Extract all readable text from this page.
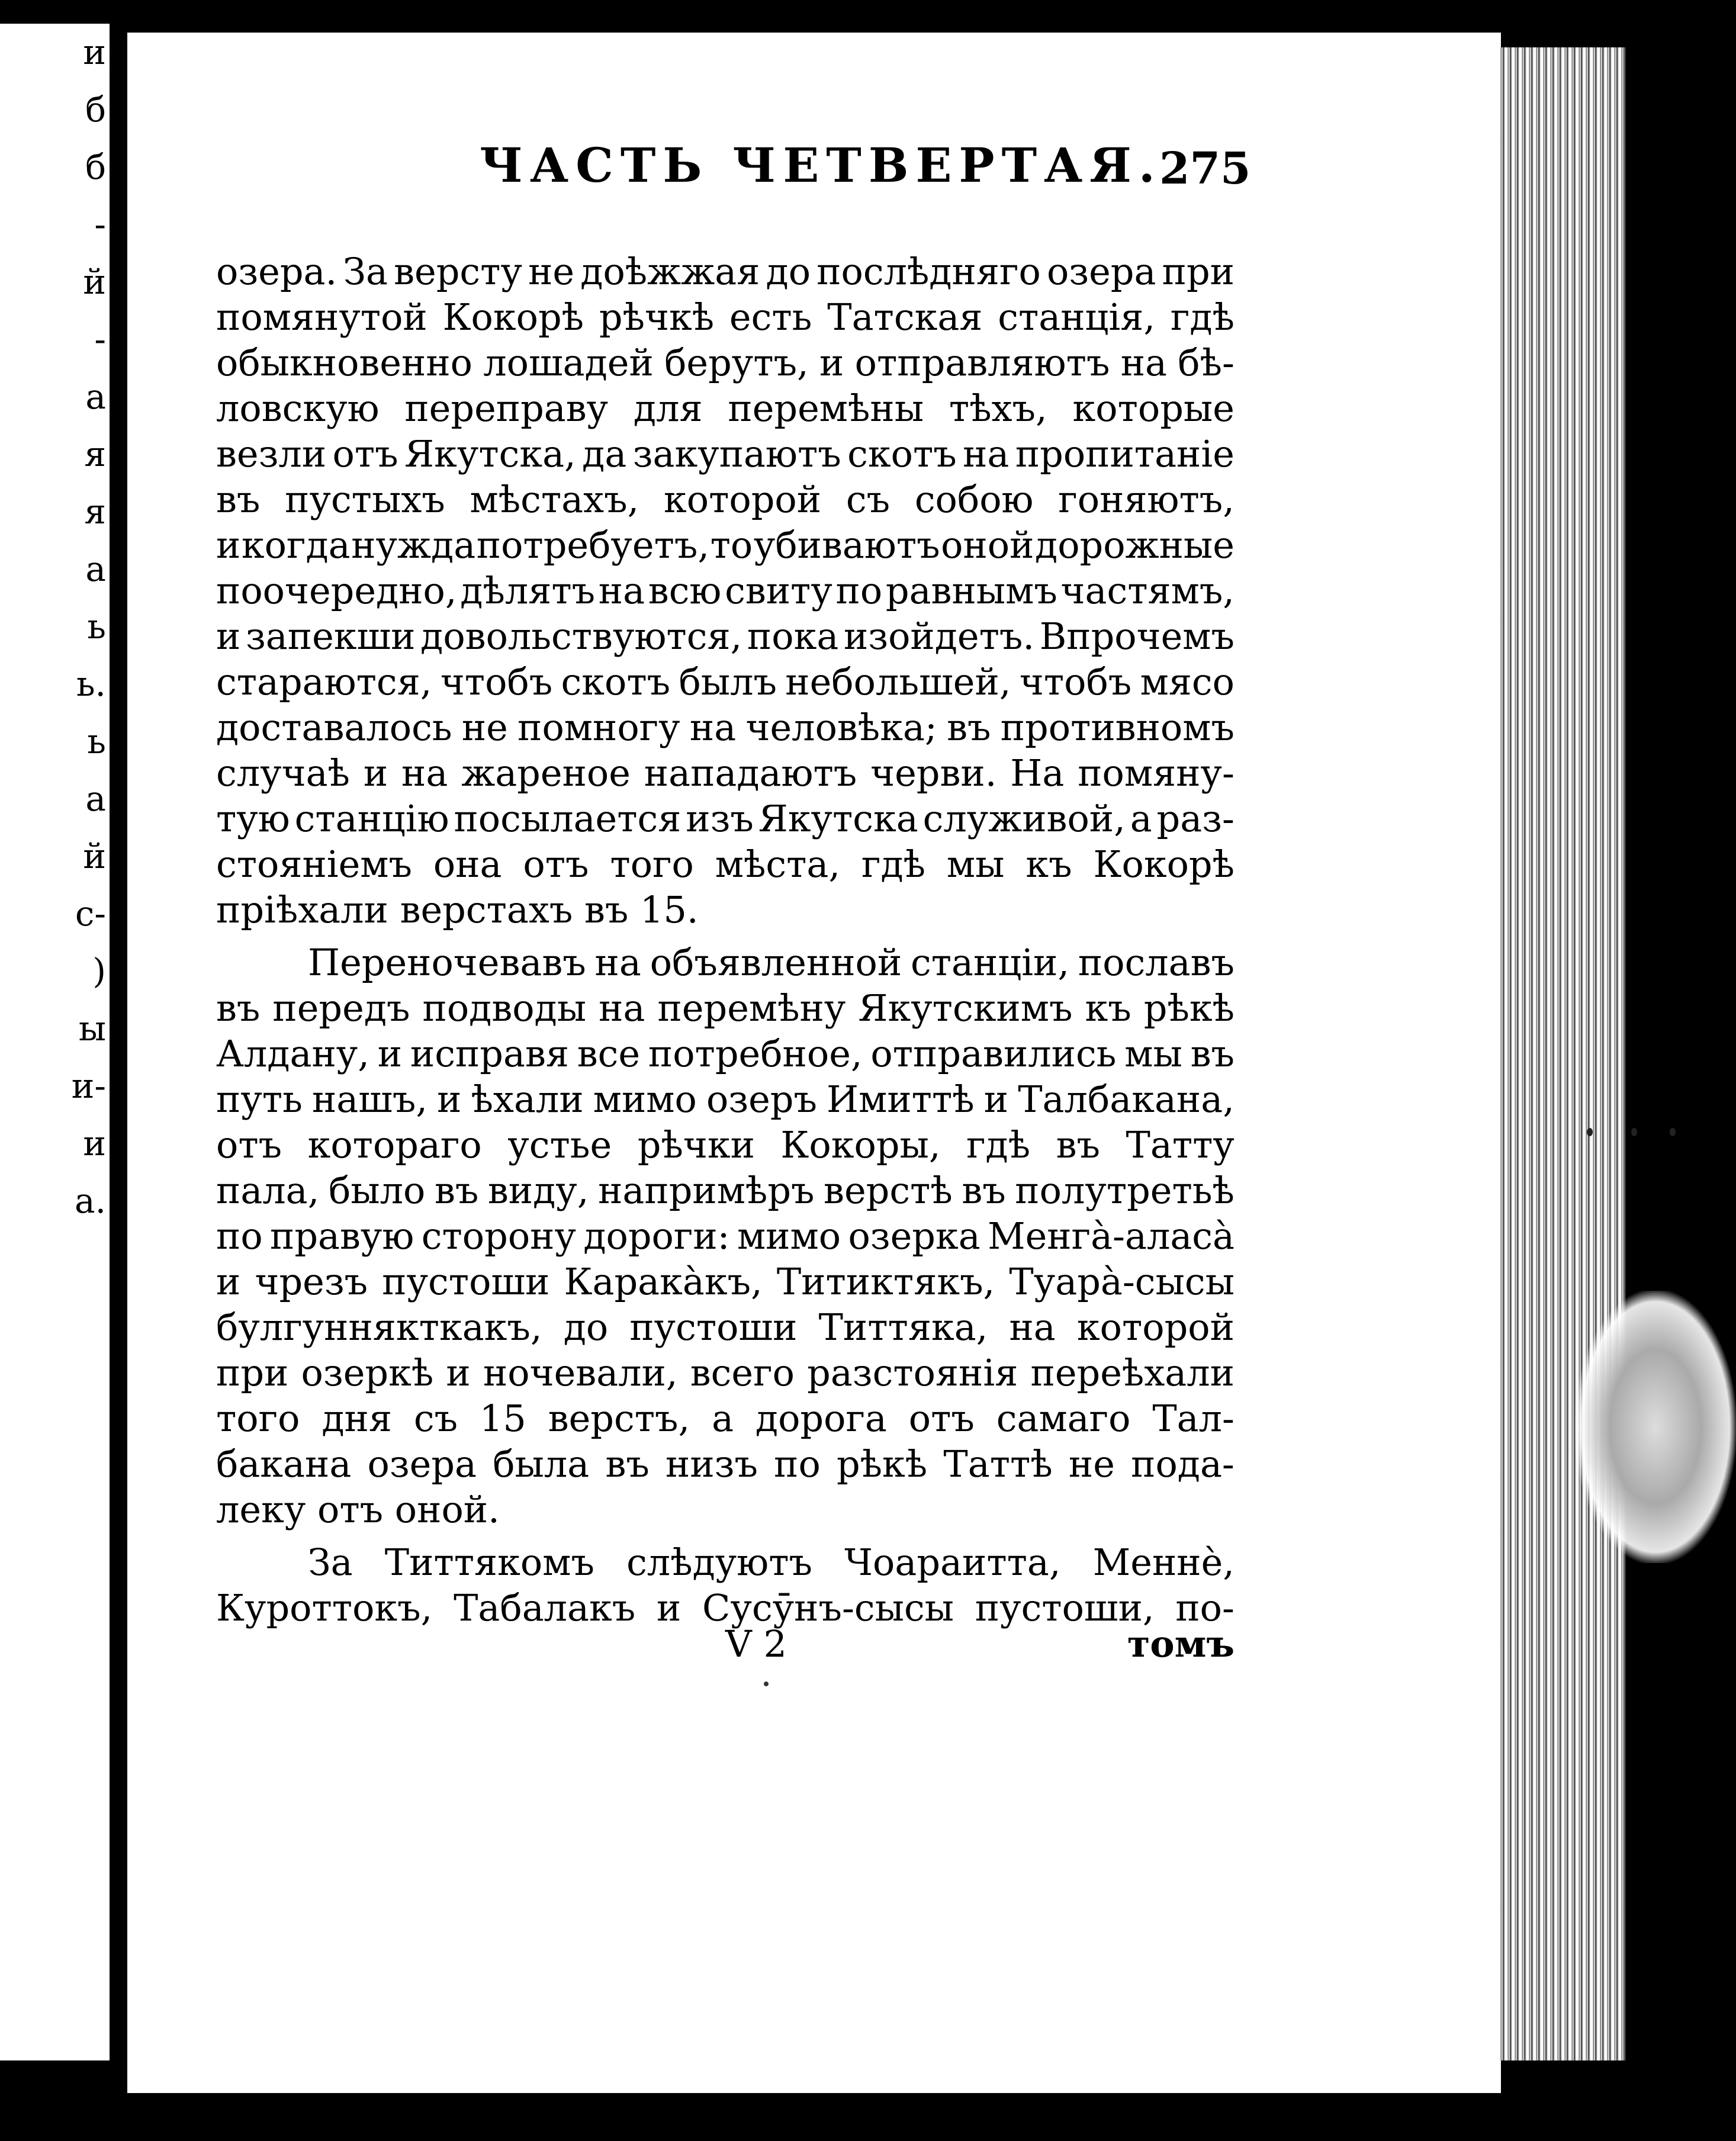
и
б
б
-
й
-
а
я
я
а
ь
ь.
ь
а
й
с-
)
ы
и-
и
а.
ЧАСТЬ ЧЕТВЕРТАЯ.
275
озера. За версту не доѣжжая до послѣдняго озера при
помянутой Кокорѣ рѣчкѣ есть Татская станція, гдѣ
обыкновенно лошадей берутъ, и отправляютъ на бѣ-
ловскую переправу для перемѣны тѣхъ, которые
везли отъ Якутска, да закупаютъ скотъ на пропитаніе
въ пустыхъ мѣстахъ, которой съ собою гоняютъ,
и когда нужда потребуетъ, то убиваютъ оной дорожные
поочередно, дѣлятъ на всю свиту по равнымъ частямъ,
и запекши довольствуются, пока изойдетъ. Впрочемъ
стараются, чтобъ скотъ былъ небольшей, чтобъ мясо
доставалось не помногу на человѣка; въ противномъ
случаѣ и на жареное нападаютъ черви. На помяну-
тую станцію посылается изъ Якутска служивой, а раз-
стояніемъ она отъ того мѣста, гдѣ мы къ Кокорѣ
пріѣхали верстахъ въ 15.
Переночевавъ на объявленной станціи, пославъ
въ передъ подводы на перемѣну Якутскимъ къ рѣкѣ
Алдану, и исправя все потребное, отправились мы въ
путь нашъ, и ѣхали мимо озеръ Имиттѣ и Талбакана,
отъ котораго устье рѣчки Кокоры, гдѣ въ Татту
пала, было въ виду, напримѣръ верстѣ въ полутретьѣ
по правую сторону дороги: мимо озерка Менгà-аласà
и чрезъ пустоши Каракàкъ, Титиктякъ, Туарà-сысы
булгуннякткакъ, до пустоши Титтяка, на которой
при озеркѣ и ночевали, всего разстоянія переѣхали
того дня съ 15 верстъ, а дорога отъ самаго Тал-
бакана озера была въ низъ по рѣкѣ Таттѣ не пода-
леку отъ оной.
За Титтякомъ слѣдуютъ Чоараитта, Меннè,
Куроттокъ, Табалакъ и Сусӯнъ-сысы пустоши, по-
V 2	томъ
